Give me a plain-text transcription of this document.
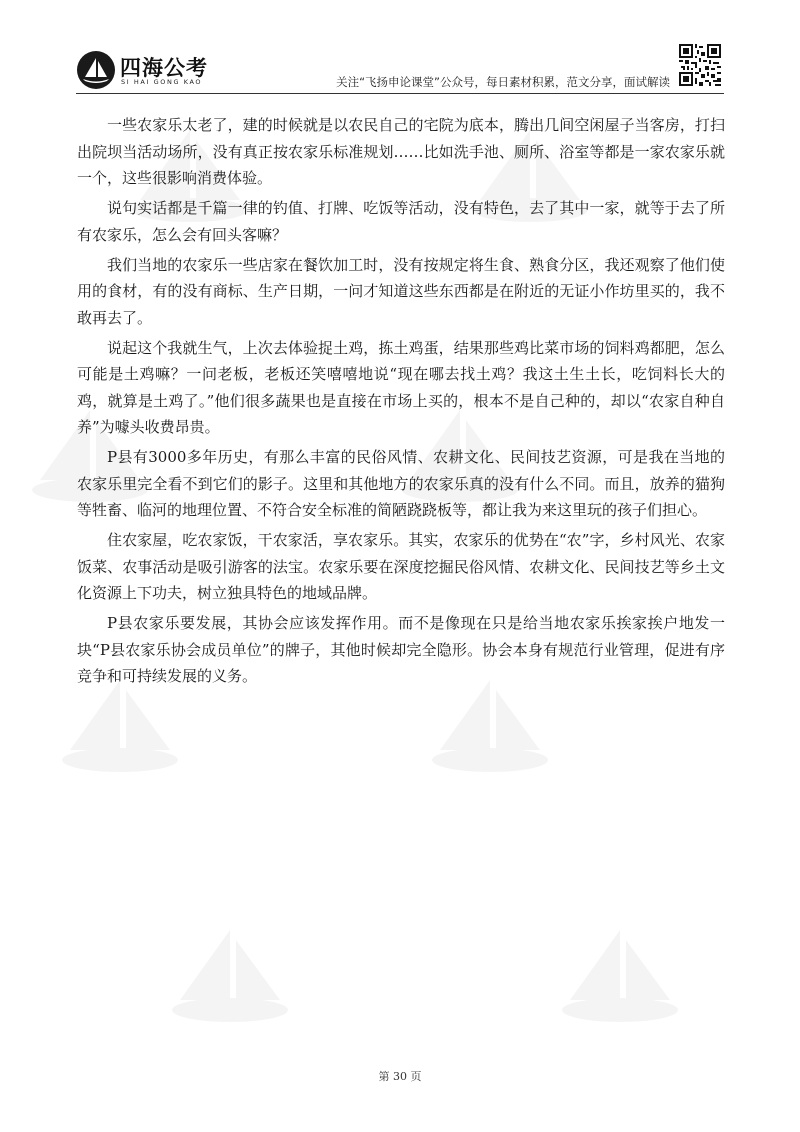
四海公考
SI HAI GONG KAO	关注“飞扬申论课堂”公众号，每日素材积累，范文分享，面试解读

一些农家乐太老了，建的时候就是以农民自己的宅院为底本，腾出几间空闲屋子当客房，打扫出院坝当活动场所，没有真正按农家乐标准规划……比如洗手池、厕所、浴室等都是一家农家乐就一个，这些很影响消费体验。

说句实话都是千篇一律的钓值、打牌、吃饭等活动，没有特色，去了其中一家，就等于去了所有农家乐，怎么会有回头客嘛？

我们当地的农家乐一些店家在餐饮加工时，没有按规定将生食、熟食分区，我还观察了他们使用的食材，有的没有商标、生产日期，一问才知道这些东西都是在附近的无证小作坊里买的，我不敢再去了。

说起这个我就生气，上次去体验捉土鸡，拣土鸡蛋，结果那些鸡比菜市场的饲料鸡都肥，怎么可能是土鸡嘛？一问老板，老板还笑嘻嘻地说“现在哪去找土鸡？我这土生土长，吃饲料长大的鸡，就算是土鸡了。”他们很多蔬果也是直接在市场上买的，根本不是自己种的，却以“农家自种自养”为噱头收费昂贵。

P县有3000多年历史，有那么丰富的民俗风情、农耕文化、民间技艺资源，可是我在当地的农家乐里完全看不到它们的影子。这里和其他地方的农家乐真的没有什么不同。而且，放养的猫狗等牲畜、临河的地理位置、不符合安全标准的简陋跷跷板等，都让我为来这里玩的孩子们担心。

住农家屋，吃农家饭，干农家活，享农家乐。其实，农家乐的优势在“农”字，乡村风光、农家饭菜、农事活动是吸引游客的法宝。农家乐要在深度挖掘民俗风情、农耕文化、民间技艺等乡土文化资源上下功夫，树立独具特色的地域品牌。

P县农家乐要发展，其协会应该发挥作用。而不是像现在只是给当地农家乐挨家挨户地发一块“P县农家乐协会成员单位”的牌子，其他时候却完全隐形。协会本身有规范行业管理，促进有序竞争和可持续发展的义务。

第 30 页
